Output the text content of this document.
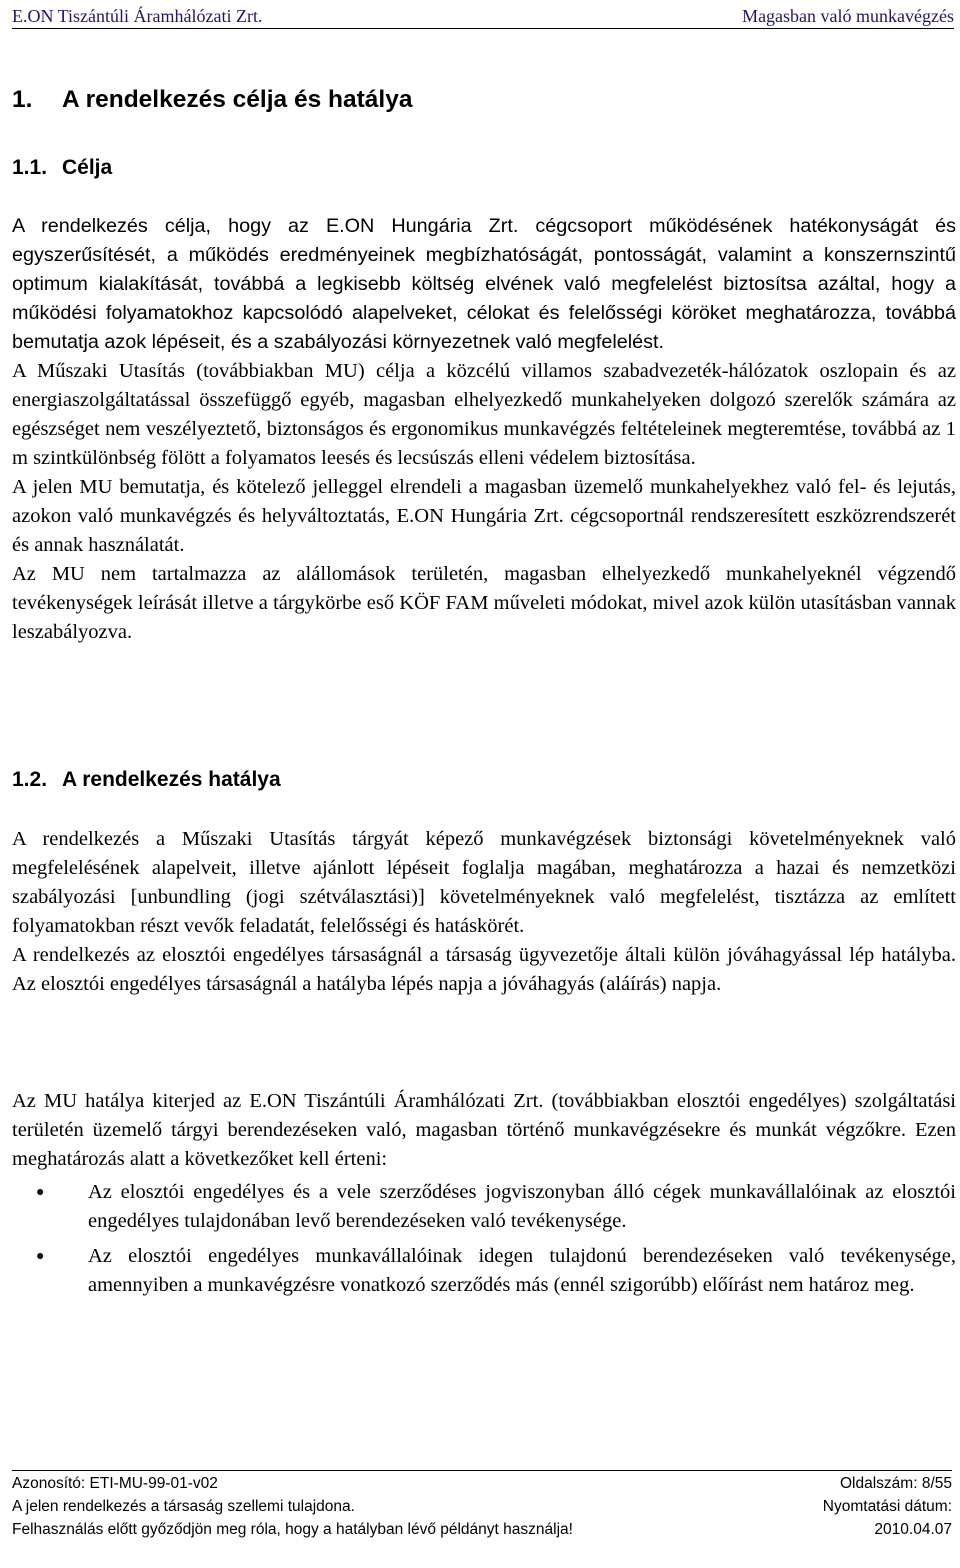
E.ON Tiszántúli Áramhálózati Zrt.	Magasban való munkavégzés
1. A rendelkezés célja és hatálya
1.1. Célja

A rendelkezés célja, hogy az E.ON Hungária Zrt. cégcsoport működésének hatékonyságát és egyszerűsítését, a működés eredményeinek megbízhatóságát, pontosságát, valamint a konszernszintű optimum kialakítását, továbbá a legkisebb költség elvének való megfelelést biztosítsa azáltal, hogy a működési folyamatokhoz kapcsolódó alapelveket, célokat és felelősségi köröket meghatározza, továbbá bemutatja azok lépéseit, és a szabályozási környezetnek való megfelelést.

A Műszaki Utasítás (továbbiakban MU) célja a közcélú villamos szabadvezeték-hálózatok oszlopain és az energiaszolgáltatással összefüggő egyéb, magasban elhelyezkedő munkahelyeken dolgozó szerelők számára az egészséget nem veszélyeztető, biztonságos és ergonomikus munkavégzés feltételeinek megteremtése, továbbá az 1 m szintkülönbség fölött a folyamatos leesés és lecsúszás elleni védelem biztosítása.

A jelen MU bemutatja, és kötelező jelleggel elrendeli a magasban üzemelő munkahelyekhez való fel- és lejutás, azokon való munkavégzés és helyváltoztatás, E.ON Hungária Zrt. cégcsoportnál rendszeresített eszközrendszerét és annak használatát.

Az MU nem tartalmazza az alállomások területén, magasban elhelyezkedő munkahelyeknél végzendő tevékenységek leírását illetve a tárgykörbe eső KÖF FAM műveleti módokat, mivel azok külön utasításban vannak leszabályozva.

1.2. A rendelkezés hatálya

A rendelkezés a Műszaki Utasítás tárgyát képező munkavégzések biztonsági követelményeknek való megfelelésének alapelveit, illetve ajánlott lépéseit foglalja magában, meghatározza a hazai és nemzetközi szabályozási [unbundling (jogi szétválasztási)] követelményeknek való megfelelést, tisztázza az említett folyamatokban részt vevők feladatát, felelősségi és hatáskörét.

A rendelkezés az elosztói engedélyes társaságnál a társaság ügyvezetője általi külön jóváhagyással lép hatályba. Az elosztói engedélyes társaságnál a hatályba lépés napja a jóváhagyás (aláírás) napja.

Az MU hatálya kiterjed az E.ON Tiszántúli Áramhálózati Zrt. (továbbiakban elosztói engedélyes) szolgáltatási területén üzemelő tárgyi berendezéseken való, magasban történő munkavégzésekre és munkát végzőkre. Ezen meghatározás alatt a következőket kell érteni:

● Az elosztói engedélyes és a vele szerződéses jogviszonyban álló cégek munkavállalóinak az elosztói engedélyes tulajdonában levő berendezéseken való tevékenysége.
● Az elosztói engedélyes munkavállalóinak idegen tulajdonú berendezéseken való tevékenysége, amennyiben a munkavégzésre vonatkozó szerződés más (ennél szigorúbb) előírást nem határoz meg.
Azonosító: ETI-MU-99-01-v02	Oldalszám: 8/55
A jelen rendelkezés a társaság szellemi tulajdona.	Nyomtatási dátum:
Felhasználás előtt győződjön meg róla, hogy a hatályban lévő példányt használja!	2010.04.07
